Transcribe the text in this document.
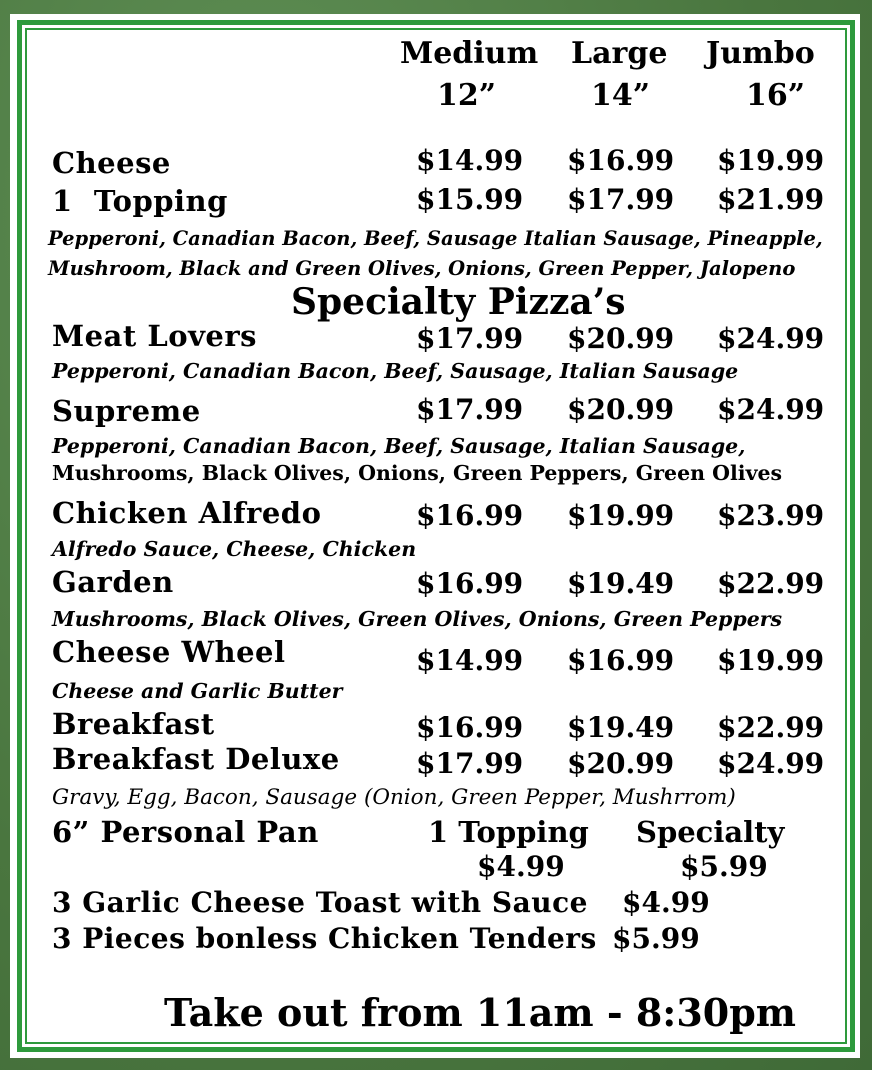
Medium Large Jumbo
12”	14”	16”
Cheese	$14.99 $16.99 $19.99
1  Topping	$15.99 $17.99 $21.99
Pepperoni, Canadian Bacon, Beef, Sausage Italian Sausage, Pineapple,
Mushroom, Black and Green Olives, Onions, Green Pepper, Jalopeno
Specialty Pizza’s
Meat Lovers	$17.99 $20.99 $24.99
Pepperoni, Canadian Bacon, Beef, Sausage, Italian Sausage
Supreme	$17.99 $20.99 $24.99
Pepperoni, Canadian Bacon, Beef, Sausage, Italian Sausage,
Mushrooms, Black Olives, Onions, Green Peppers, Green Olives
Chicken Alfredo	$16.99 $19.99 $23.99
Alfredo Sauce, Cheese, Chicken
Garden	$16.99 $19.49 $22.99
Mushrooms, Black Olives, Green Olives, Onions, Green Peppers
Cheese Wheel	$14.99 $16.99 $19.99
Cheese and Garlic Butter
Breakfast	$16.99 $19.49 $22.99
Breakfast Deluxe	$17.99 $20.99 $24.99
Gravy, Egg, Bacon, Sausage (Onion, Green Pepper, Mushrrom)
6” Personal Pan	1 Topping Specialty
$4.99	$5.99
3 Garlic Cheese Toast with Sauce $4.99
3 Pieces bonless Chicken Tenders $5.99
Take out from 11am - 8:30pm
